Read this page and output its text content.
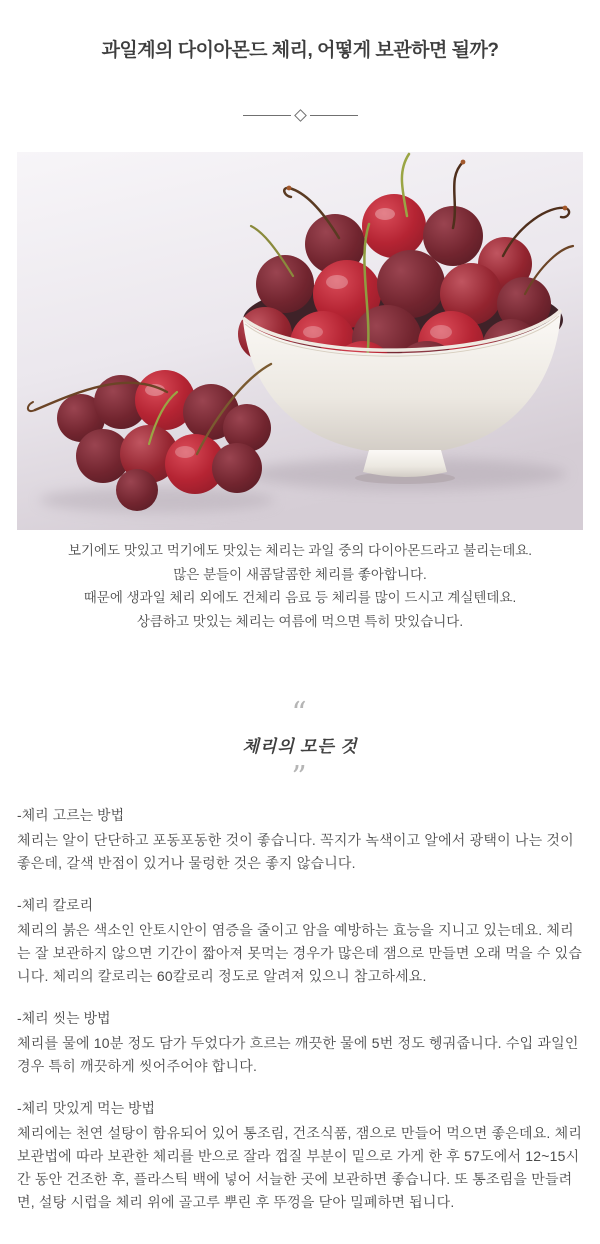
과일계의 다이아몬드 체리, 어떻게 보관하면 될까?
보기에도 맛있고 먹기에도 맛있는 체리는 과일 중의 다이아몬드라고 불리는데요.
많은 분들이 새콤달콤한 체리를 좋아합니다.
때문에 생과일 체리 외에도 건체리 음료 등 체리를 많이 드시고 계실텐데요.
상큼하고 맛있는 체리는 여름에 먹으면 특히 맛있습니다.
“
체리의 모든 것
”
-체리 고르는 방법

체리는 알이 단단하고 포동포동한 것이 좋습니다. 꼭지가 녹색이고 알에서 광택이 나는 것이 좋은데, 갈색 반점이 있거나 물렁한 것은 좋지 않습니다.

-체리 칼로리

체리의 붉은 색소인 안토시안이 염증을 줄이고 암을 예방하는 효능을 지니고 있는데요. 체리는 잘 보관하지 않으면 기간이 짧아져 못먹는 경우가 많은데 잼으로 만들면 오래 먹을 수 있습니다. 체리의 칼로리는 60칼로리 정도로 알려져 있으니 참고하세요.

-체리 씻는 방법

체리를 물에 10분 정도 담가 두었다가 흐르는 깨끗한 물에 5번 정도 헹궈줍니다. 수입 과일인 경우 특히 깨끗하게 씻어주어야 합니다.

-체리 맛있게 먹는 방법

체리에는 천연 설탕이 함유되어 있어 통조림, 건조식품, 잼으로 만들어 먹으면 좋은데요. 체리 보관법에 따라 보관한 체리를 반으로 잘라 껍질 부분이 밑으로 가게 한 후 57도에서 12~15시간 동안 건조한 후, 플라스틱 백에 넣어 서늘한 곳에 보관하면 좋습니다. 또 통조림을 만들려면, 설탕 시럽을 체리 위에 골고루 뿌린 후 뚜껑을 닫아 밀폐하면 됩니다.
